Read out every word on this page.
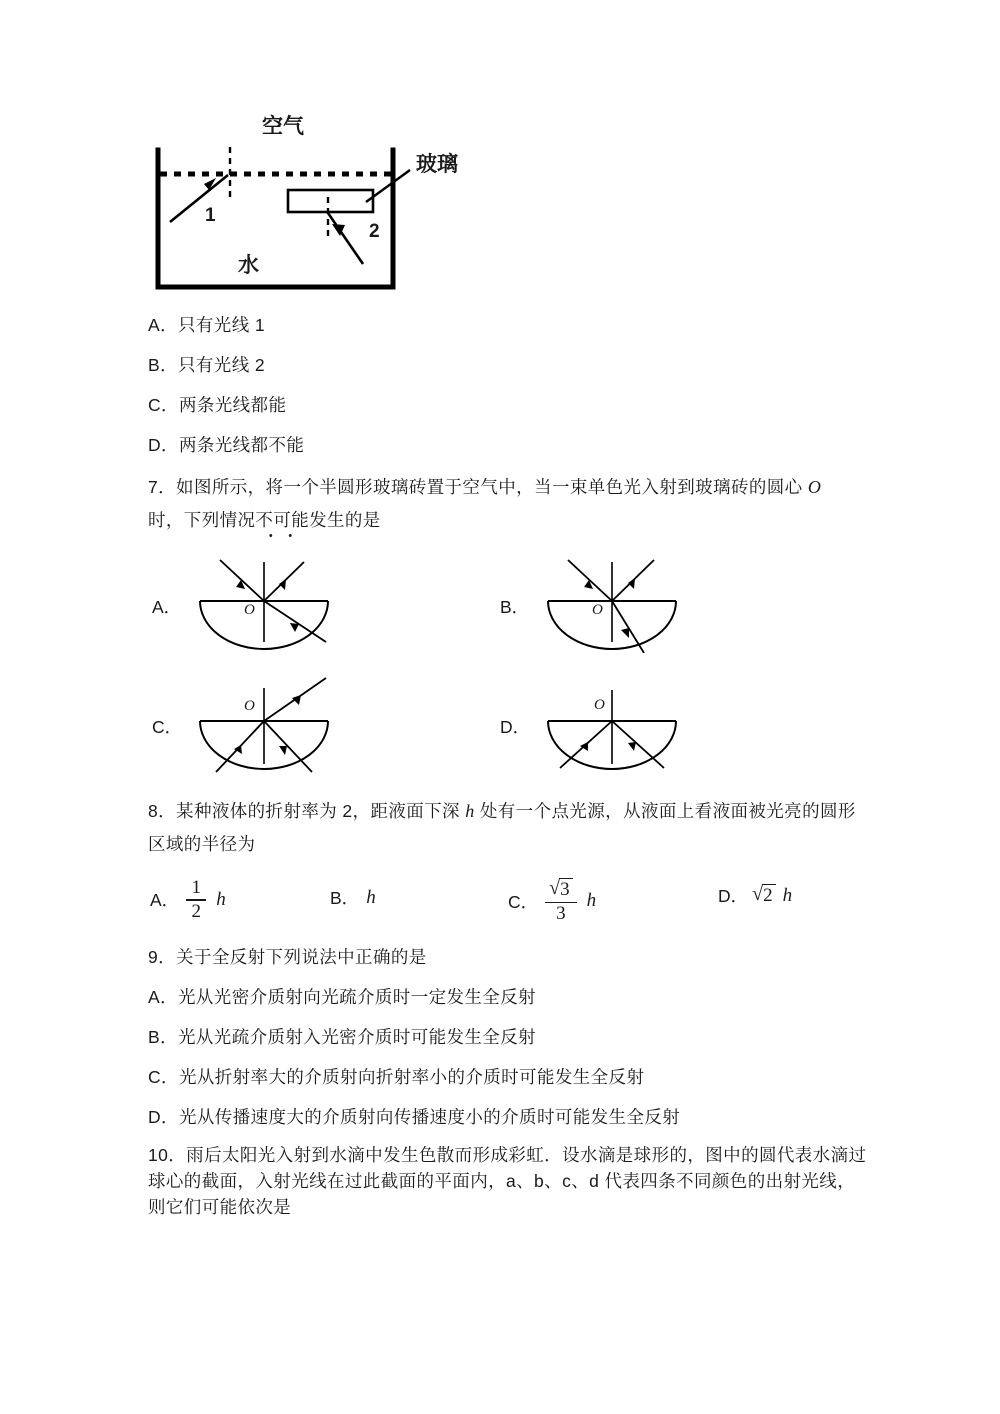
空气
水
玻璃
1
2
A．只有光线 1
B．只有光线 2
C．两条光线都能
D．两条光线都不能
7．如图所示，将一个半圆形玻璃砖置于空气中，当一束单色光入射到玻璃砖的圆心 O
时，下列情况不可能发生的是
A．	O	B．	O
C．
O
D．
O
8．某种液体的折射率为 2，距液面下深 h 处有一个点光源，从液面上看液面被光亮的圆形
区域的半径为
A． $\frac{1}{2}$ h	B． h	C． $\frac{√ 3}{3}$ h	D． √ 2 h
9．关于全反射下列说法中正确的是
A．光从光密介质射向光疏介质时一定发生全反射
B．光从光疏介质射入光密介质时可能发生全反射
C．光从折射率大的介质射向折射率小的介质时可能发生全反射
D．光从传播速度大的介质射向传播速度小的介质时可能发生全反射
10．雨后太阳光入射到水滴中发生色散而形成彩虹．设水滴是球形的，图中的圆代表水滴过
球心的截面，入射光线在过此截面的平面内，a、b、c、d 代表四条不同颜色的出射光线，
则它们可能依次是
